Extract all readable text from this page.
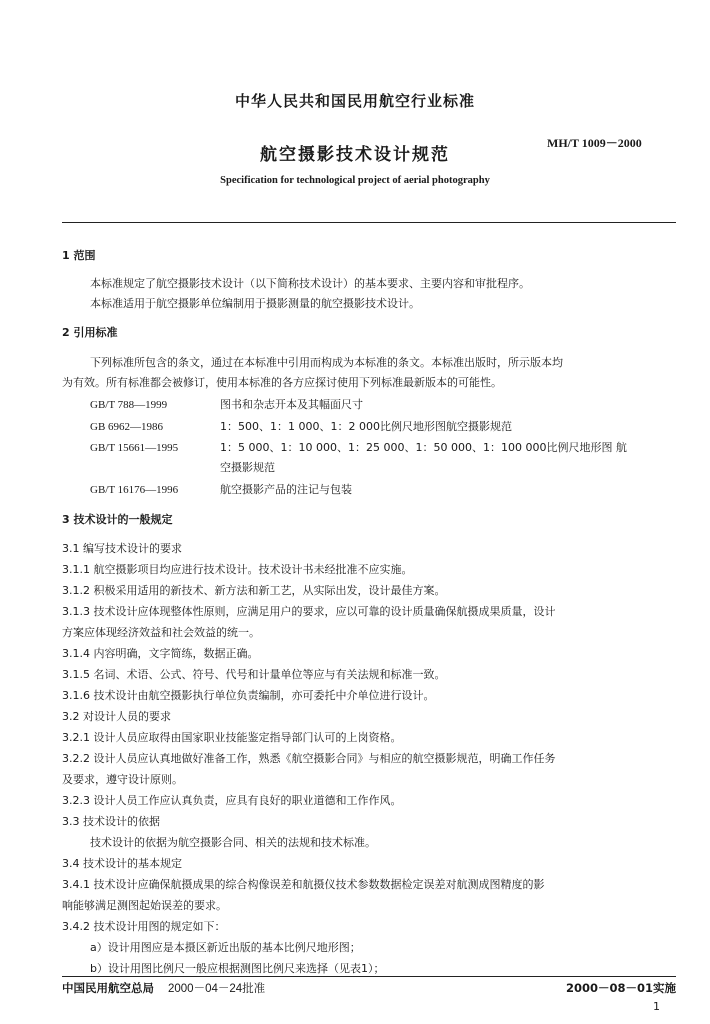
中华人民共和国民用航空行业标准
MH/T 1009－2000
航空摄影技术设计规范
Specification for technological project of aerial photography
1 范围
本标准规定了航空摄影技术设计（以下简称技术设计）的基本要求、主要内容和审批程序。
本标准适用于航空摄影单位编制用于摄影测量的航空摄影技术设计。
2 引用标准
下列标准所包含的条文，通过在本标准中引用而构成为本标准的条文。本标准出版时，所示版本均
为有效。所有标准都会被修订，使用本标准的各方应探讨使用下列标准最新版本的可能性。
GB/T 788—1999	图书和杂志开本及其幅面尺寸
GB 6962—1986	1：500、1：1 000、1：2 000比例尺地形图航空摄影规范
GB/T 15661—1995	1：5 000、1：10 000、1：25 000、1：50 000、1：100 000比例尺地形图 航
空摄影规范
GB/T 16176—1996	航空摄影产品的注记与包装
3 技术设计的一般规定
3.1 编写技术设计的要求
3.1.1 航空摄影项目均应进行技术设计。技术设计书未经批准不应实施。
3.1.2 积极采用适用的新技术、新方法和新工艺，从实际出发，设计最佳方案。
3.1.3 技术设计应体现整体性原则，应满足用户的要求，应以可靠的设计质量确保航摄成果质量，设计
方案应体现经济效益和社会效益的统一。
3.1.4 内容明确，文字简练，数据正确。
3.1.5 名词、术语、公式、符号、代号和计量单位等应与有关法规和标准一致。
3.1.6 技术设计由航空摄影执行单位负责编制，亦可委托中介单位进行设计。
3.2 对设计人员的要求
3.2.1 设计人员应取得由国家职业技能鉴定指导部门认可的上岗资格。
3.2.2 设计人员应认真地做好准备工作，熟悉《航空摄影合同》与相应的航空摄影规范，明确工作任务
及要求，遵守设计原则。
3.2.3 设计人员工作应认真负责，应具有良好的职业道德和工作作风。
3.3 技术设计的依据
技术设计的依据为航空摄影合同、相关的法规和技术标准。
3.4 技术设计的基本规定
3.4.1 技术设计应确保航摄成果的综合构像误差和航摄仪技术参数数据检定误差对航测成图精度的影
响能够满足测图起始误差的要求。
3.4.2 技术设计用图的规定如下：
a）设计用图应是本摄区新近出版的基本比例尺地形图；
b）设计用图比例尺一般应根据测图比例尺来选择（见表1）；
中国民用航空总局 2000－04－24批准	2000－08－01实施
1
